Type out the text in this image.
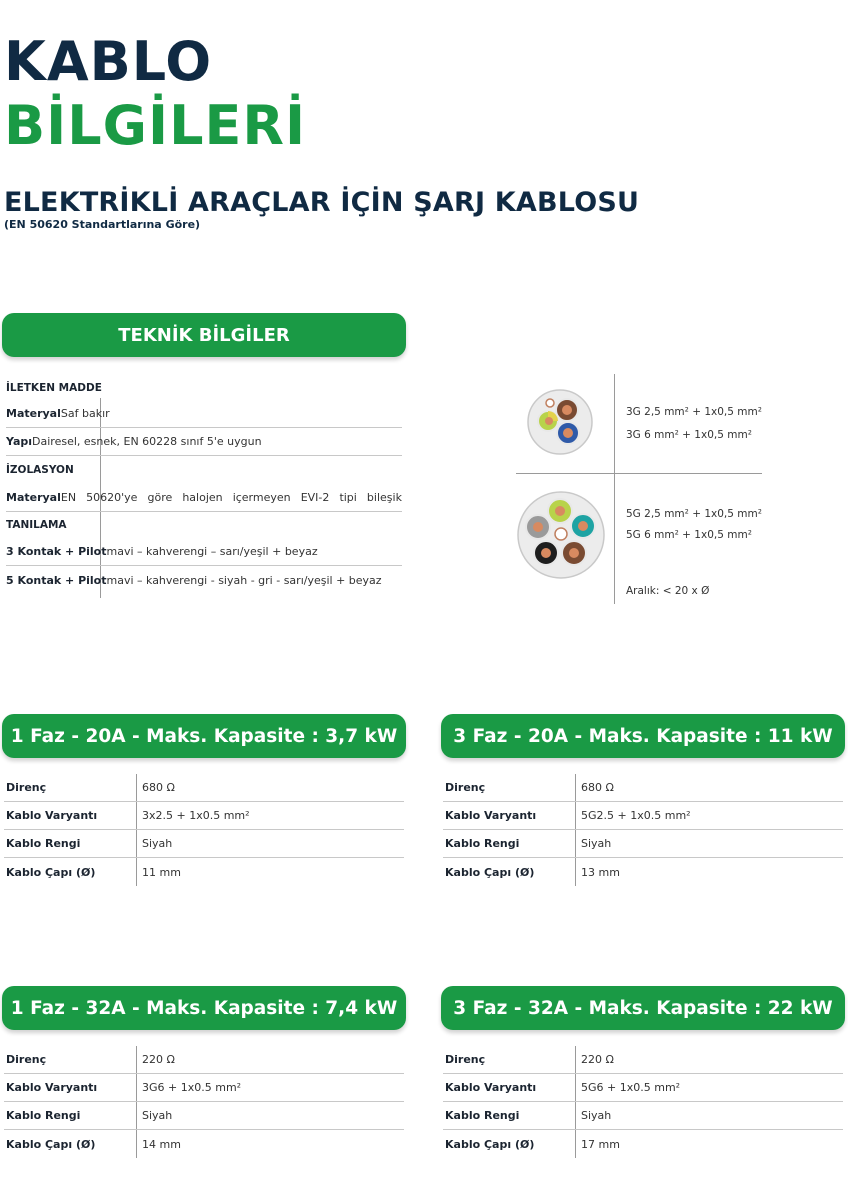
KABLO
BİLGİLERİ
ELEKTRİKLİ ARAÇLAR İÇİN ŞARJ KABLOSU
(EN 50620 Standartlarına Göre)
TEKNİK BİLGİLER
İLETKEN MADDE
Materyal Saf bakır
Yapı Dairesel, esnek, EN 60228 sınıf 5'e uygun
İZOLASYON
Materyal EN 50620'ye göre halojen içermeyen EVI-2 tipi bileşik
TANILAMA
3 Kontak + Pilot mavi – kahverengi – sarı/yeşil + beyaz
5 Kontak + Pilot mavi – kahverengi - siyah - gri - sarı/yeşil + beyaz
3G 2,5 mm² + 1x0,5 mm²
3G 6 mm² + 1x0,5 mm²
5G 2,5 mm² + 1x0,5 mm²
5G 6 mm² + 1x0,5 mm²
Aralık: < 20 x Ø
1 Faz - 20A - Maks. Kapasite : 3,7 kW
Direnç	680 Ω
Kablo Varyantı	3x2.5 + 1x0.5 mm²
Kablo Rengi	Siyah
Kablo Çapı (Ø)	11 mm
3 Faz - 20A - Maks. Kapasite : 11 kW
Direnç	680 Ω
Kablo Varyantı	5G2.5 + 1x0.5 mm²
Kablo Rengi	Siyah
Kablo Çapı (Ø)	13 mm
1 Faz - 32A - Maks. Kapasite : 7,4 kW
Direnç	220 Ω
Kablo Varyantı	3G6 + 1x0.5 mm²
Kablo Rengi	Siyah
Kablo Çapı (Ø)	14 mm
3 Faz - 32A - Maks. Kapasite : 22 kW
Direnç	220 Ω
Kablo Varyantı	5G6 + 1x0.5 mm²
Kablo Rengi	Siyah
Kablo Çapı (Ø)	17 mm
